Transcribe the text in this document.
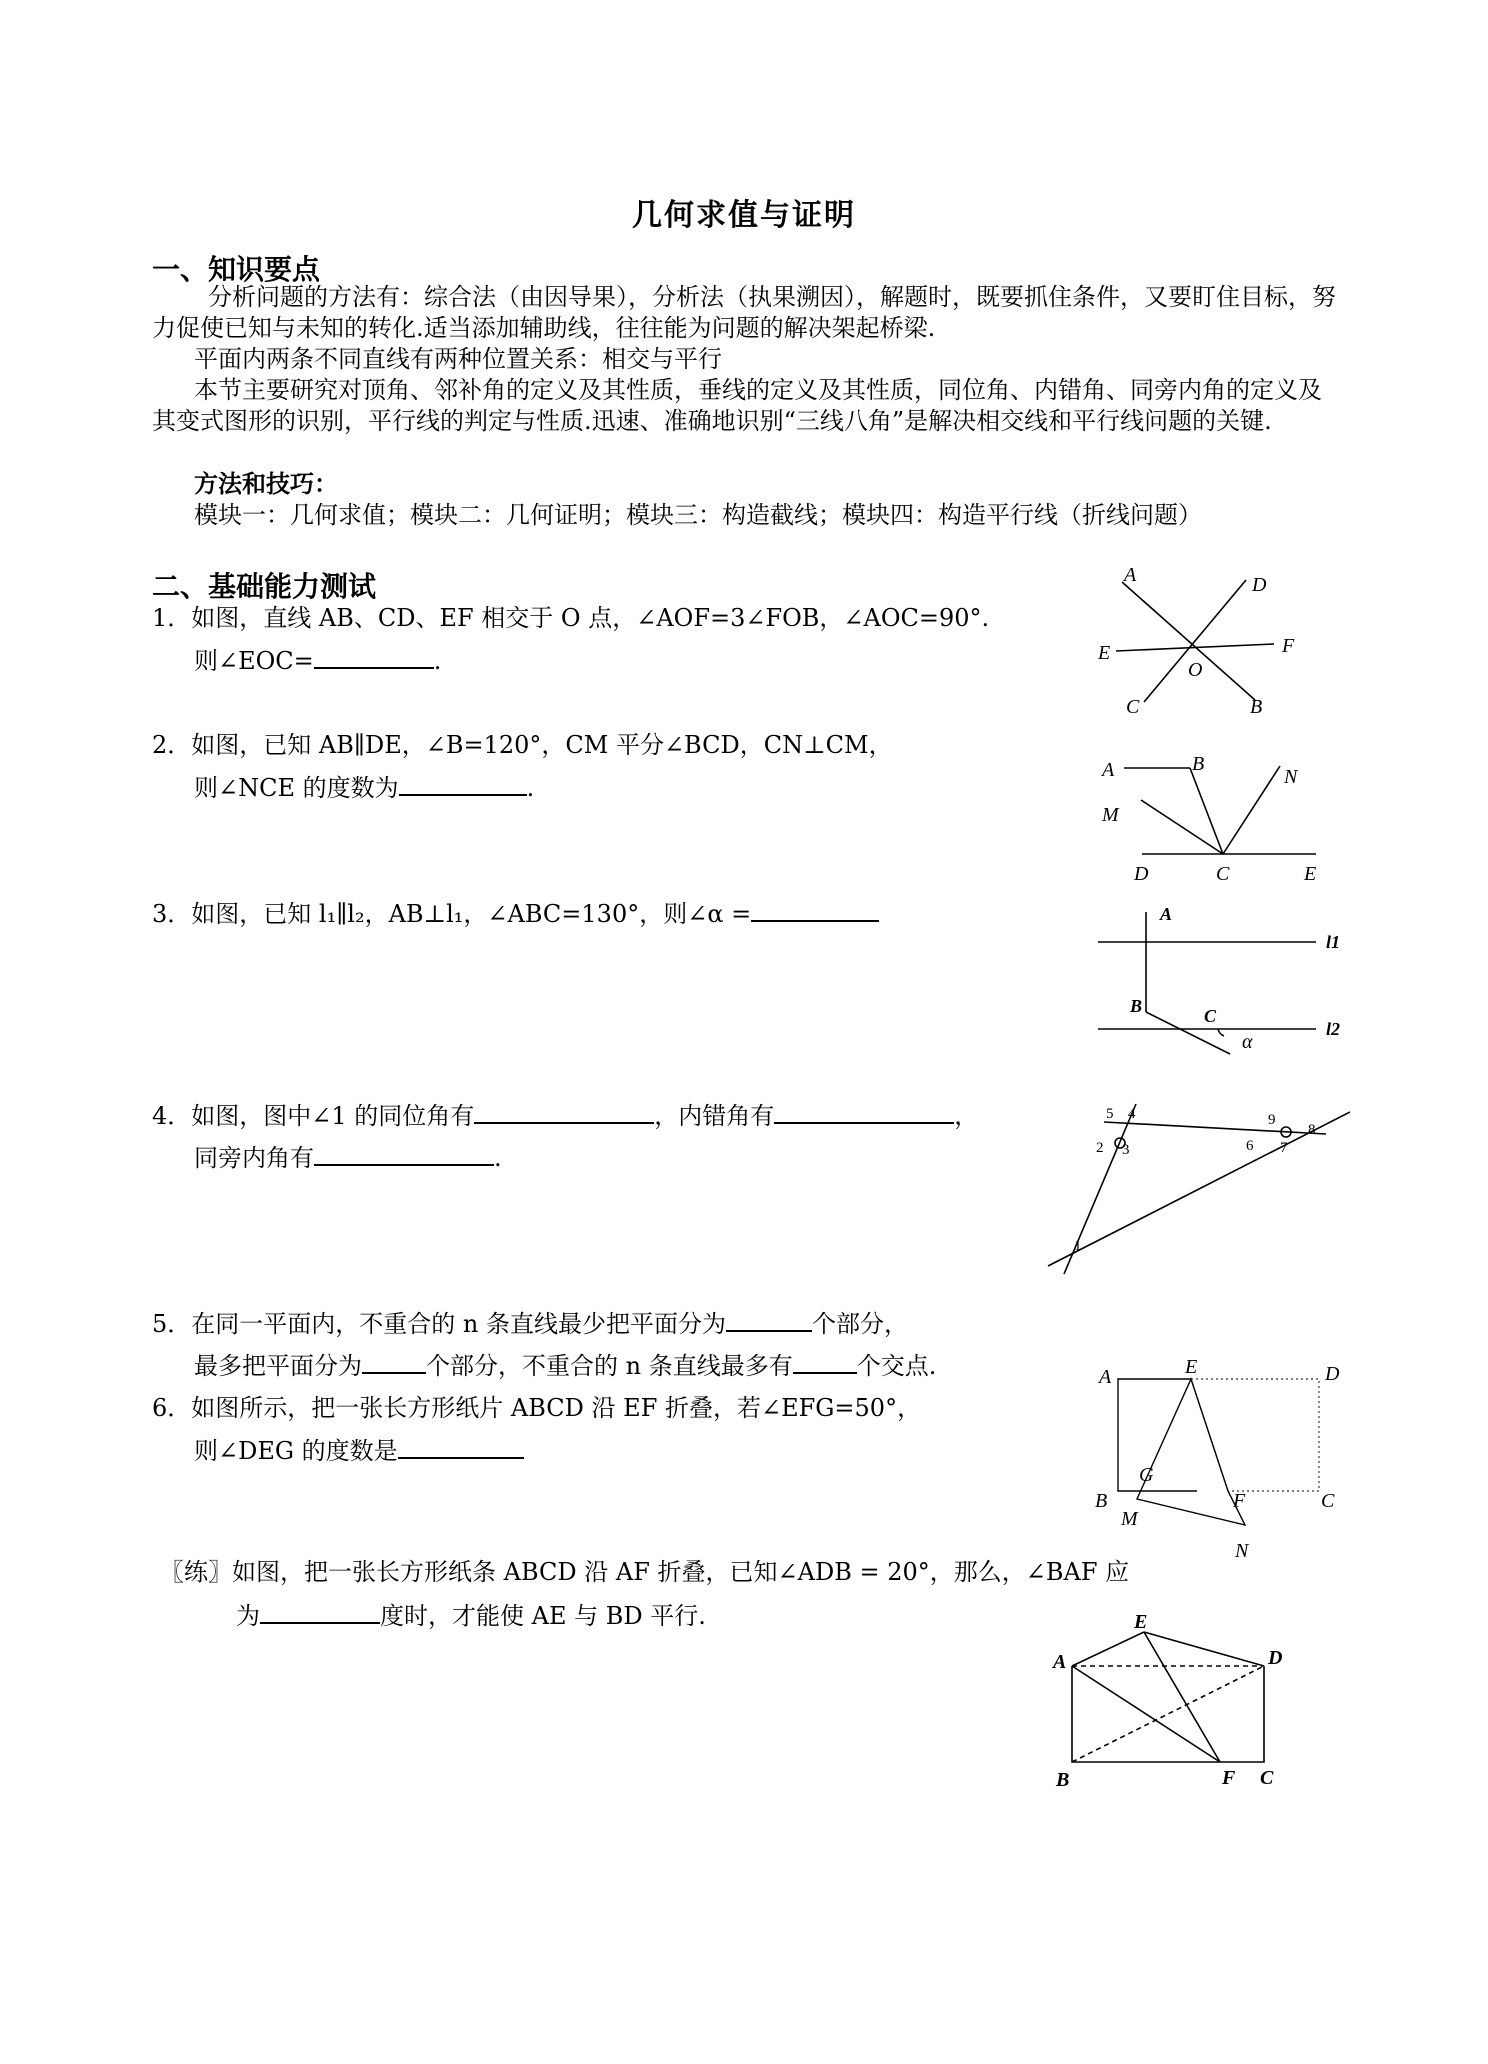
几何求值与证明
一、知识要点
分析问题的方法有：综合法（由因导果），分析法（执果溯因），解题时，既要抓住条件，又要盯住目标，努力促使已知与未知的转化.适当添加辅助线，往往能为问题的解决架起桥梁.
平面内两条不同直线有两种位置关系：相交与平行
本节主要研究对顶角、邻补角的定义及其性质，垂线的定义及其性质，同位角、内错角、同旁内角的定义及其变式图形的识别，平行线的判定与性质.迅速、准确地识别“三线八角”是解决相交线和平行线问题的关键.
方法和技巧：
模块一：几何求值；模块二：几何证明；模块三：构造截线；模块四：构造平行线（折线问题）
二、基础能力测试
1．如图，直线 AB、CD、EF 相交于 O 点，∠AOF=3∠FOB，∠AOC=90°.
则∠EOC=	.
2．如图，已知 AB∥DE，∠B=120°，CM 平分∠BCD，CN⊥CM，
则∠NCE 的度数为	.
3．如图，已知 l₁∥l₂，AB⊥l₁，∠ABC=130°，则∠α =
4．如图，图中∠1 的同位角有	，内错角有	，
同旁内角有	.
5．在同一平面内，不重合的 n 条直线最少把平面分为	个部分，
最多把平面分为	个部分，不重合的 n 条直线最多有	个交点.
6．如图所示，把一张长方形纸片 ABCD 沿 EF 折叠，若∠EFG=50°，
则∠DEG 的度数是
〖练〗如图，把一张长方形纸条 ABCD 沿 AF 折叠，已知∠ADB = 20°，那么，∠BAF 应
为	度时，才能使 AE 与 BD 平行.
A	D
E	F
O
C	B
A	B
N
M
D	C	E
A
l1
B	C
l2
α
5 4	9
8
2 3	6 7
1
A	E	D
G
B	F	C
M
N
E
A	D
B	F C
